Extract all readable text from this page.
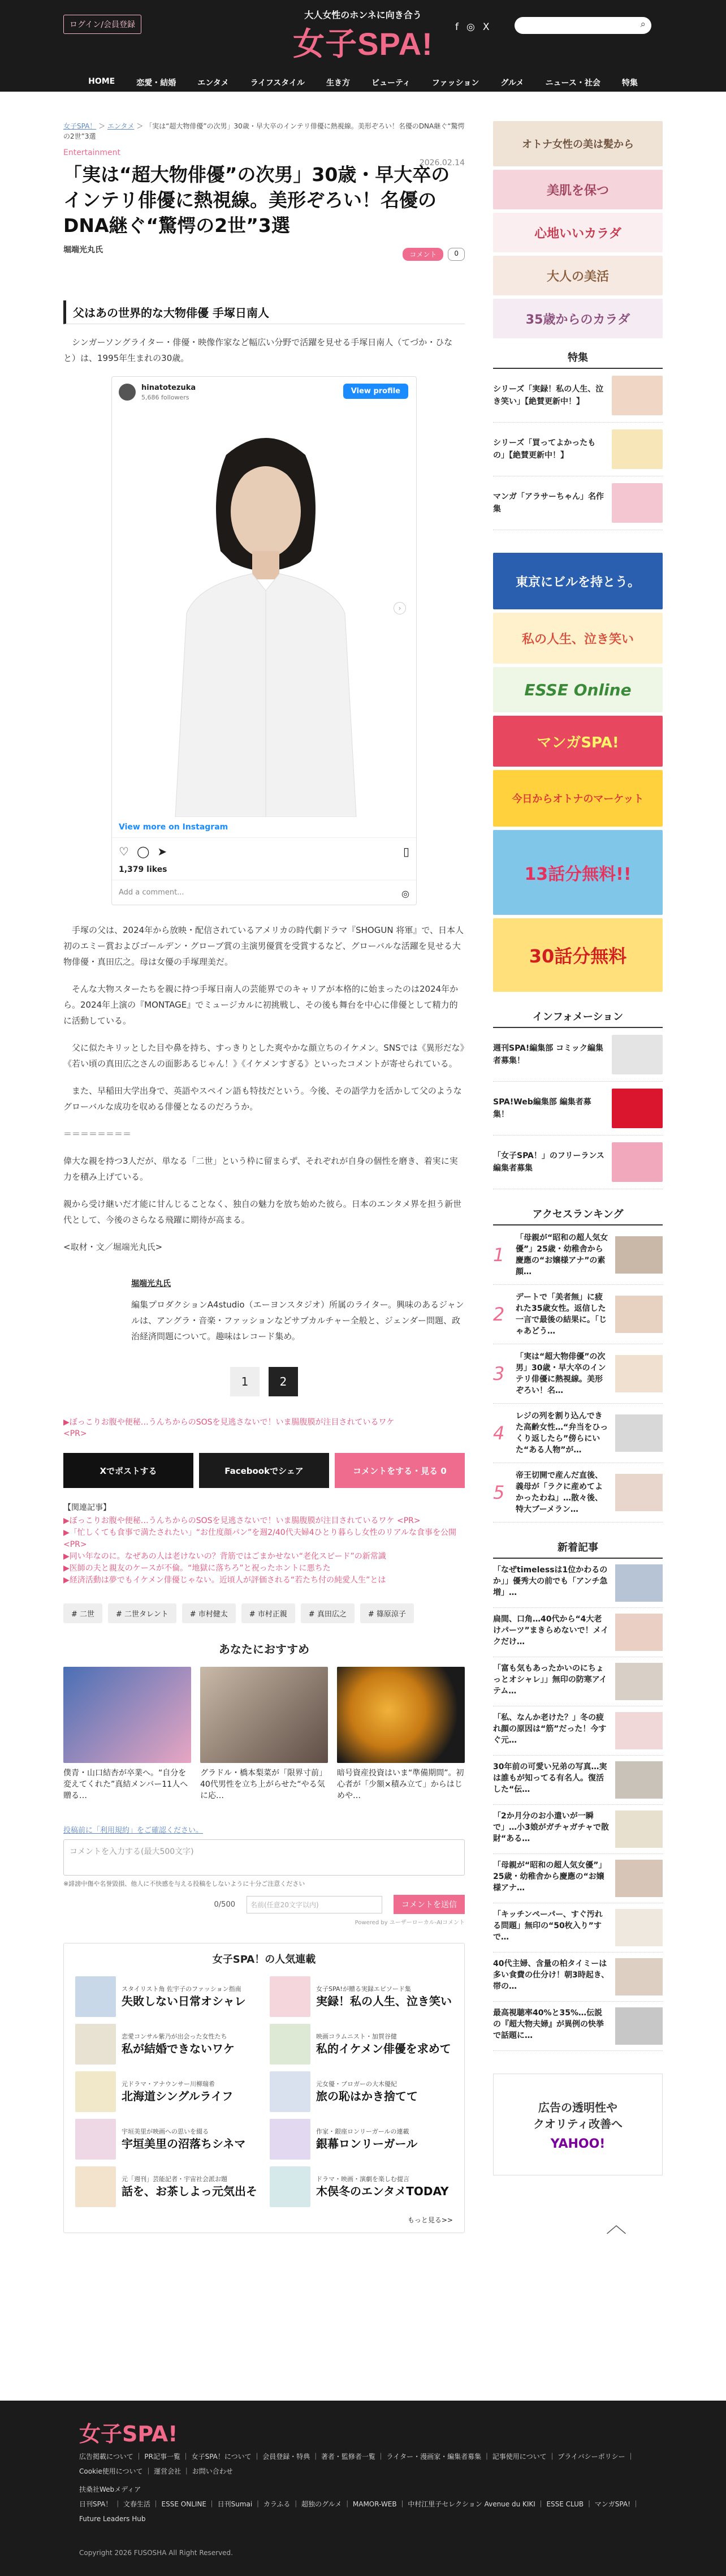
ログイン/会員登録
大人女性のホンネに向き合う
女子SPA!	f ◎ X	⌕
HOME	恋愛・結婚	エンタメ	ライフスタイル	生き方	ビューティ	ファッション	グルメ	ニュース・社会	特集
女子SPA！ ＞ エンタメ ＞ 「実は“超大物俳優”の次男」30歳・早大卒のインテリ俳優に熱視線。美形ぞろい！名優のDNA継ぐ“驚愕の2世”3選
Entertainment
2026.02.14
「実は“超大物俳優”の次男」30歳・早大卒のインテリ俳優に熱視線。美形ぞろい！名優のDNA継ぐ“驚愕の2世”3選
堀端光丸氏	コメント	0
父はあの世界的な大物俳優 手塚日南人

シンガーソングライター・俳優・映像作家など幅広い分野で活躍を見せる手塚日南人（てづか・ひなと）は、1995年生まれの30歳。

hinatotezuka
5,686 followers
View profile
›
View more on Instagram
♡ ◯ ➤	▯
1,379 likes
Add a comment...	◎

手塚の父は、2024年から放映・配信されているアメリカの時代劇ドラマ『SHOGUN 将軍』で、日本人初のエミー賞およびゴールデン・グローブ賞の主演男優賞を受賞するなど、グローバルな活躍を見せる大物俳優・真田広之。母は女優の手塚理美だ。

そんな大物スターたちを親に持つ手塚日南人の芸能界でのキャリアが本格的に始まったのは2024年から。2024年上演の『MONTAGE』でミュージカルに初挑戦し、その後も舞台を中心に俳優として精力的に活動している。

父に似たキリッとした目や鼻を持ち、すっきりとした爽やかな顔立ちのイケメン。SNSでは《異形だな》《若い頃の真田広之さんの面影あるじゃん！》《イケメンすぎる》といったコメントが寄せられている。

また、早稲田大学出身で、英語やスペイン語も特技だという。今後、その語学力を活かして父のようなグローバルな成功を収める俳優となるのだろうか。

＝＝＝＝＝＝＝＝

偉大な親を持つ3人だが、単なる「二世」という枠に留まらず、それぞれが自身の個性を磨き、着実に実力を積み上げている。

親から受け継いだ才能に甘んじることなく、独自の魅力を放ち始めた彼ら。日本のエンタメ界を担う新世代として、今後のさらなる飛躍に期待が高まる。

<取材・文／堀端光丸氏>

堀端光丸氏

編集プロダクションA4studio（エーヨンスタジオ）所属のライター。興味のあるジャンルは、アングラ・音楽・ファッションなどサブカルチャー全般と、ジェンダー問題、政治経済問題について。趣味はレコード集め。

1	2
▶ぼっこりお腹や便秘…うんちからのSOSを見逃さないで！いま腸腹膜が注目されているワケ
<PR>
Xでポストする	Facebookでシェア	コメントをする・見る 0
【関連記事】
▶ぼっこりお腹や便秘…うんちからのSOSを見逃さないで！いま腸腹膜が注目されているワケ <PR>
▶「忙しくても食事で満たされたい」“お仕度顔パン”を週2/40代夫婦4ひとり暮らし女性のリアルな食事を公開 <PR>
▶同い年なのに。なぜあの人は老けないの？背筋ではごまかせない“老化スピード”の新常識
▶医師の夫と親友のケースが不倫。“地獄に落ちろ”と祝ったホントに悪ちた
▶経済活動は夢でもイケメン俳優じゃない。近頃人が評価される“若たち付の純愛人生”とは
# 二世	# 二世タレント	# 市村健太	# 市村正親	# 真田広之	# 篠原涼子
あなたにおすすめ
僕青・山口結杏が卒業へ。“自分を変えてくれた”真結メンバー11人へ贈る…
グラドル・橋本梨菜が「限界寸前」40代男性を立ち上がらせた“やる気に応…
暗号資産投資はいま“準備期間”。初心者が「少額×積み立て」からはじめや…
投稿前に「利用規約」をご確認ください。
コメントを入力する(最大500文字)
※誹謗中傷や名誉毀損、他人に不快感を与える投稿をしないように十分ご注意ください
0/500	名前(任意20文字以内)	コメントを送信
Powered by ユーザーローカル-AIコメント
女子SPA！の人気連載
スタイリスト角 佐宇子のファッション指南
失敗しない日常オシャレ
女子SPA!が贈る実録エピソード集
実録！私の人生、泣き笑い
恋愛コンサル紫乃が出会った女性たち
私が結婚できないワケ
映画コラムニスト・加賀谷健
私的イケメン俳優を求めて
元ドラマ・アナウンサー川柳瑞希
北海道シングルライフ
元女優・ブロガーの大木優紀
旅の恥はかき捨てて
宇垣美里が映画への思いを綴る
宇垣美里の沼落ちシネマ
作家・銀座ロンリーガールの連載
銀幕ロンリーガール
元「週刊」芸能記者・宇宙社会派お題
話を、お茶しよっ元気出そ
ドラマ・映画・演劇を楽しむ提言
木俣冬のエンタメTODAY
もっと見る>>
オトナ女性の美は髪から
美肌を保つ
心地いいカラダ
大人の美活
35歳からのカラダ
特集
シリーズ「実録！私の人生、泣き笑い」【絶賛更新中！】
シリーズ「買ってよかったもの」【絶賛更新中！】
マンガ「アラサーちゃん」名作集
東京にビルを持とう。
私の人生、泣き笑い
ESSE Online
マンガSPA!
今日からオトナのマーケット
13話分無料!!
30話分無料
インフォメーション
週刊SPA!編集部 コミック編集者募集！
SPA!Web編集部 編集者募集！
「女子SPA！」のフリーランス編集者募集
アクセスランキング
1
「母親が“昭和の超人気女優”」25歳・幼稚舎から慶應の“お嬢様アナ”の素顔…
2
デートで「美者無」に疲れた35歳女性。返信した一言で最後の結果に。「じゃあどう…
3
「実は“超大物俳優”の次男」30歳・早大卒のインテリ俳優に熱視線。美形ぞろい！名…
4
レジの列を割り込んできた高齢女性…“弁当をひっくり返したら”傍らにいた“ある人物”が…
5
帝王切開で産んだ直後、義母が「ラクに産めてよかったわね」…散々後、特大ブーメラン…
新着記事
「なぜtimelessは1位かわるのか」」優秀大の前でも「アンチ急増」…
扁間、口角…40代から“4大老けパーツ”まきらめないで！メイクだけ…
「富も気もあったかいのにちょっとオシャレ」」無印の防寒アイテム…
「私、なんか老けた？」冬の疲れ顔の原因は“筋”だった！今すぐ元…
30年前の可愛い兄弟の写真…実は誰もが知ってる有名人。復活した“伝…
「2か月分のお小遣いが一瞬で」…小3娘がガチャガチャで散財“ある…
「母親が“昭和の超人気女優”」25歳・幼稚舎から慶應の“お嬢様アナ…
「キッチンペーパー、すぐ汚れる問題」無印の“50枚入り”すで…
40代主婦、含量の柏タイミーは多い食費の仕分け！朝3時起き、帯の…
最高視聴率40%と35%…伝説の『超大物夫婦』が異例の快挙で話題に…
広告の透明性や
クオリティ改善へ
YAHOO!
︿
女子SPA!
広告掲載について ｜ PR記事一覧 ｜ 女子SPA！について ｜ 会員登録・特典 ｜ 著者・監修者一覧 ｜ ライター・漫画家・編集者募集 ｜ 記事使用について ｜ プライバシーポリシー ｜ Cookie使用について ｜ 運営会社 ｜ お問い合わせ
扶桑社Webメディア
日刊SPA！ ｜ 文春生活 ｜ ESSE ONLINE ｜ 日刊Sumai ｜ カラふる ｜ 超独のグルメ ｜ MAMOR-WEB ｜ 中村江里子セレクション Avenue du KIKI ｜ ESSE CLUB ｜ マンガSPA! ｜ Future Leaders Hub
Copyright 2026 FUSOSHA All Right Reserved.
